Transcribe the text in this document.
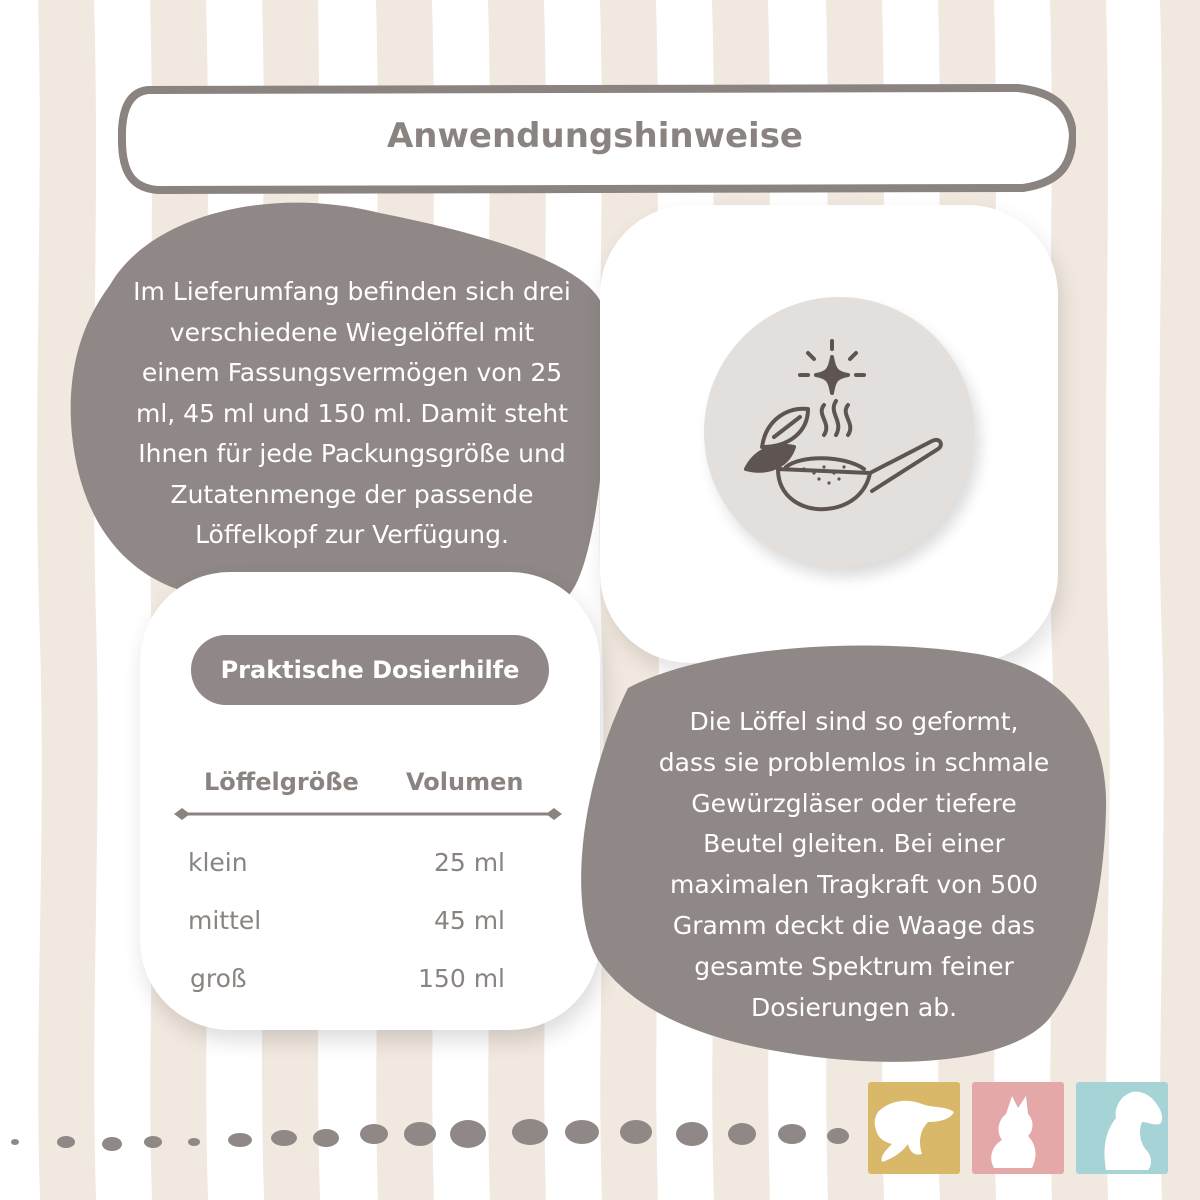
Anwendungshinweise
Im Lieferumfang befinden sich drei
verschiedene Wiegelöffel mit
einem Fassungsvermögen von 25
ml, 45 ml und 150 ml. Damit steht
Ihnen für jede Packungsgröße und
Zutatenmenge der passende
Löffelkopf zur Verfügung.
Praktische Dosierhilfe
Löffelgröße Volumen
klein	25 ml
mittel	45 ml
groß	150 ml
Die Löffel sind so geformt,
dass sie problemlos in schmale
Gewürzgläser oder tiefere
Beutel gleiten. Bei einer
maximalen Tragkraft von 500
Gramm deckt die Waage das
gesamte Spektrum feiner
Dosierungen ab.
